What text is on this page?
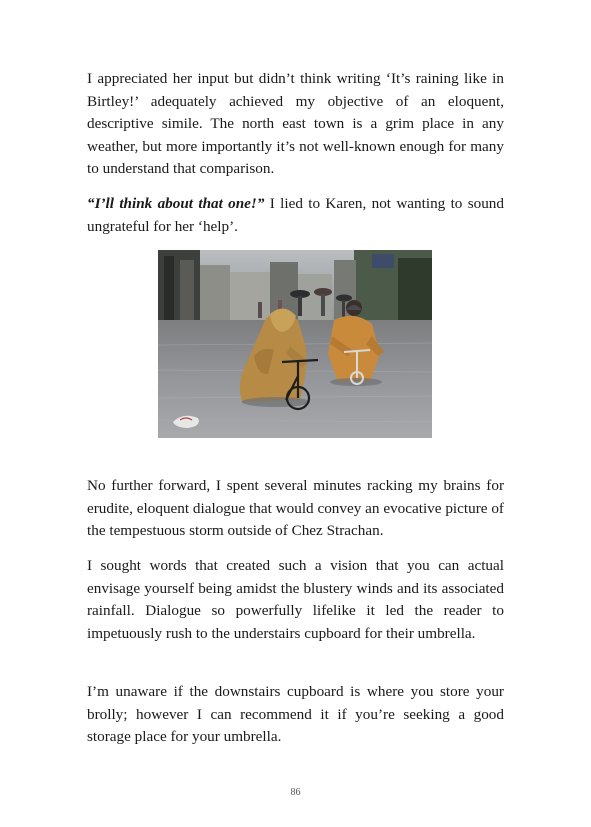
I appreciated her input but didn’t think writing ‘It’s raining like in Birtley!’ adequately achieved my objective of an eloquent, descriptive simile. The north east town is a grim place in any weather, but more importantly it’s not well-known enough for many to understand that comparison.

“I’ll think about that one!” I lied to Karen, not wanting to sound ungrateful for her ‘help’.

No further forward, I spent several minutes racking my brains for erudite, eloquent dialogue that would convey an evocative picture of the tempestuous storm outside of Chez Strachan.

I sought words that created such a vision that you can actual envisage yourself being amidst the blustery winds and its associated rainfall. Dialogue so powerfully lifelike it led the reader to impetuously rush to the understairs cupboard for their umbrella.

I’m unaware if the downstairs cupboard is where you store your brolly; however I can recommend it if you’re seeking a good storage place for your umbrella.

86
